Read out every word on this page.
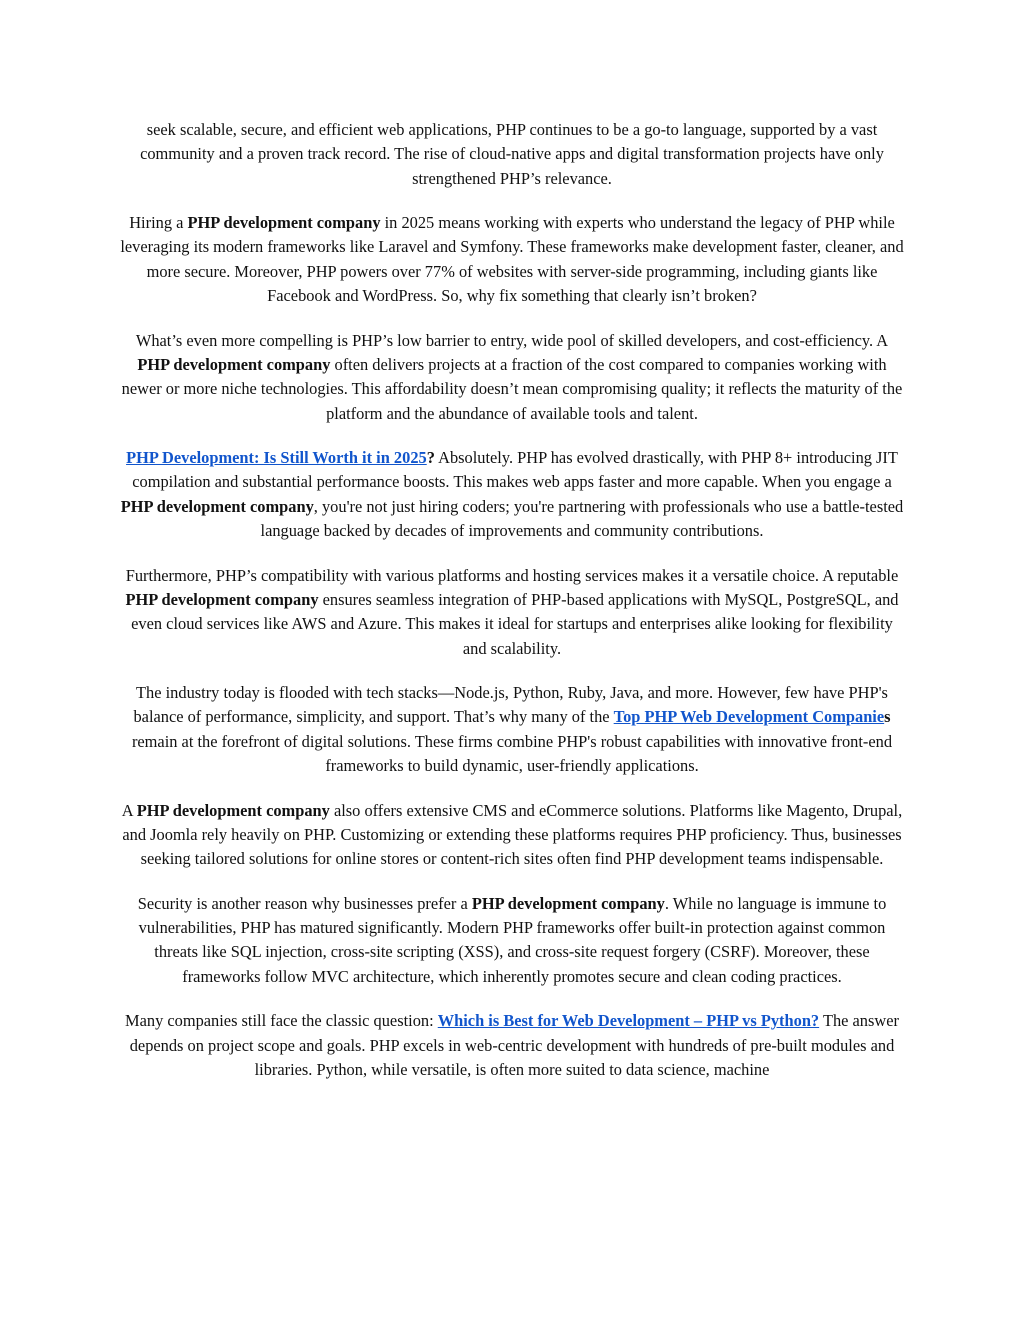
seek scalable, secure, and efficient web applications, PHP continues to be a go-to language, supported by a vast community and a proven track record. The rise of cloud-native apps and digital transformation projects have only strengthened PHP’s relevance.

Hiring a PHP development company in 2025 means working with experts who understand the legacy of PHP while leveraging its modern frameworks like Laravel and Symfony. These frameworks make development faster, cleaner, and more secure. Moreover, PHP powers over 77% of websites with server-side programming, including giants like Facebook and WordPress. So, why fix something that clearly isn’t broken?

What’s even more compelling is PHP’s low barrier to entry, wide pool of skilled developers, and cost-efficiency. A PHP development company often delivers projects at a fraction of the cost compared to companies working with newer or more niche technologies. This affordability doesn’t mean compromising quality; it reflects the maturity of the platform and the abundance of available tools and talent.

PHP Development: Is Still Worth it in 2025? Absolutely. PHP has evolved drastically, with PHP 8+ introducing JIT compilation and substantial performance boosts. This makes web apps faster and more capable. When you engage a PHP development company, you're not just hiring coders; you're partnering with professionals who use a battle-tested language backed by decades of improvements and community contributions.

Furthermore, PHP’s compatibility with various platforms and hosting services makes it a versatile choice. A reputable PHP development company ensures seamless integration of PHP-based applications with MySQL, PostgreSQL, and even cloud services like AWS and Azure. This makes it ideal for startups and enterprises alike looking for flexibility and scalability.

The industry today is flooded with tech stacks—Node.js, Python, Ruby, Java, and more. However, few have PHP's balance of performance, simplicity, and support. That’s why many of the Top PHP Web Development Companies remain at the forefront of digital solutions. These firms combine PHP's robust capabilities with innovative front-end frameworks to build dynamic, user-friendly applications.

A PHP development company also offers extensive CMS and eCommerce solutions. Platforms like Magento, Drupal, and Joomla rely heavily on PHP. Customizing or extending these platforms requires PHP proficiency. Thus, businesses seeking tailored solutions for online stores or content-rich sites often find PHP development teams indispensable.

Security is another reason why businesses prefer a PHP development company. While no language is immune to vulnerabilities, PHP has matured significantly. Modern PHP frameworks offer built-in protection against common threats like SQL injection, cross-site scripting (XSS), and cross-site request forgery (CSRF). Moreover, these frameworks follow MVC architecture, which inherently promotes secure and clean coding practices.

Many companies still face the classic question: Which is Best for Web Development – PHP vs Python? The answer depends on project scope and goals. PHP excels in web-centric development with hundreds of pre-built modules and libraries. Python, while versatile, is often more suited to data science, machine
